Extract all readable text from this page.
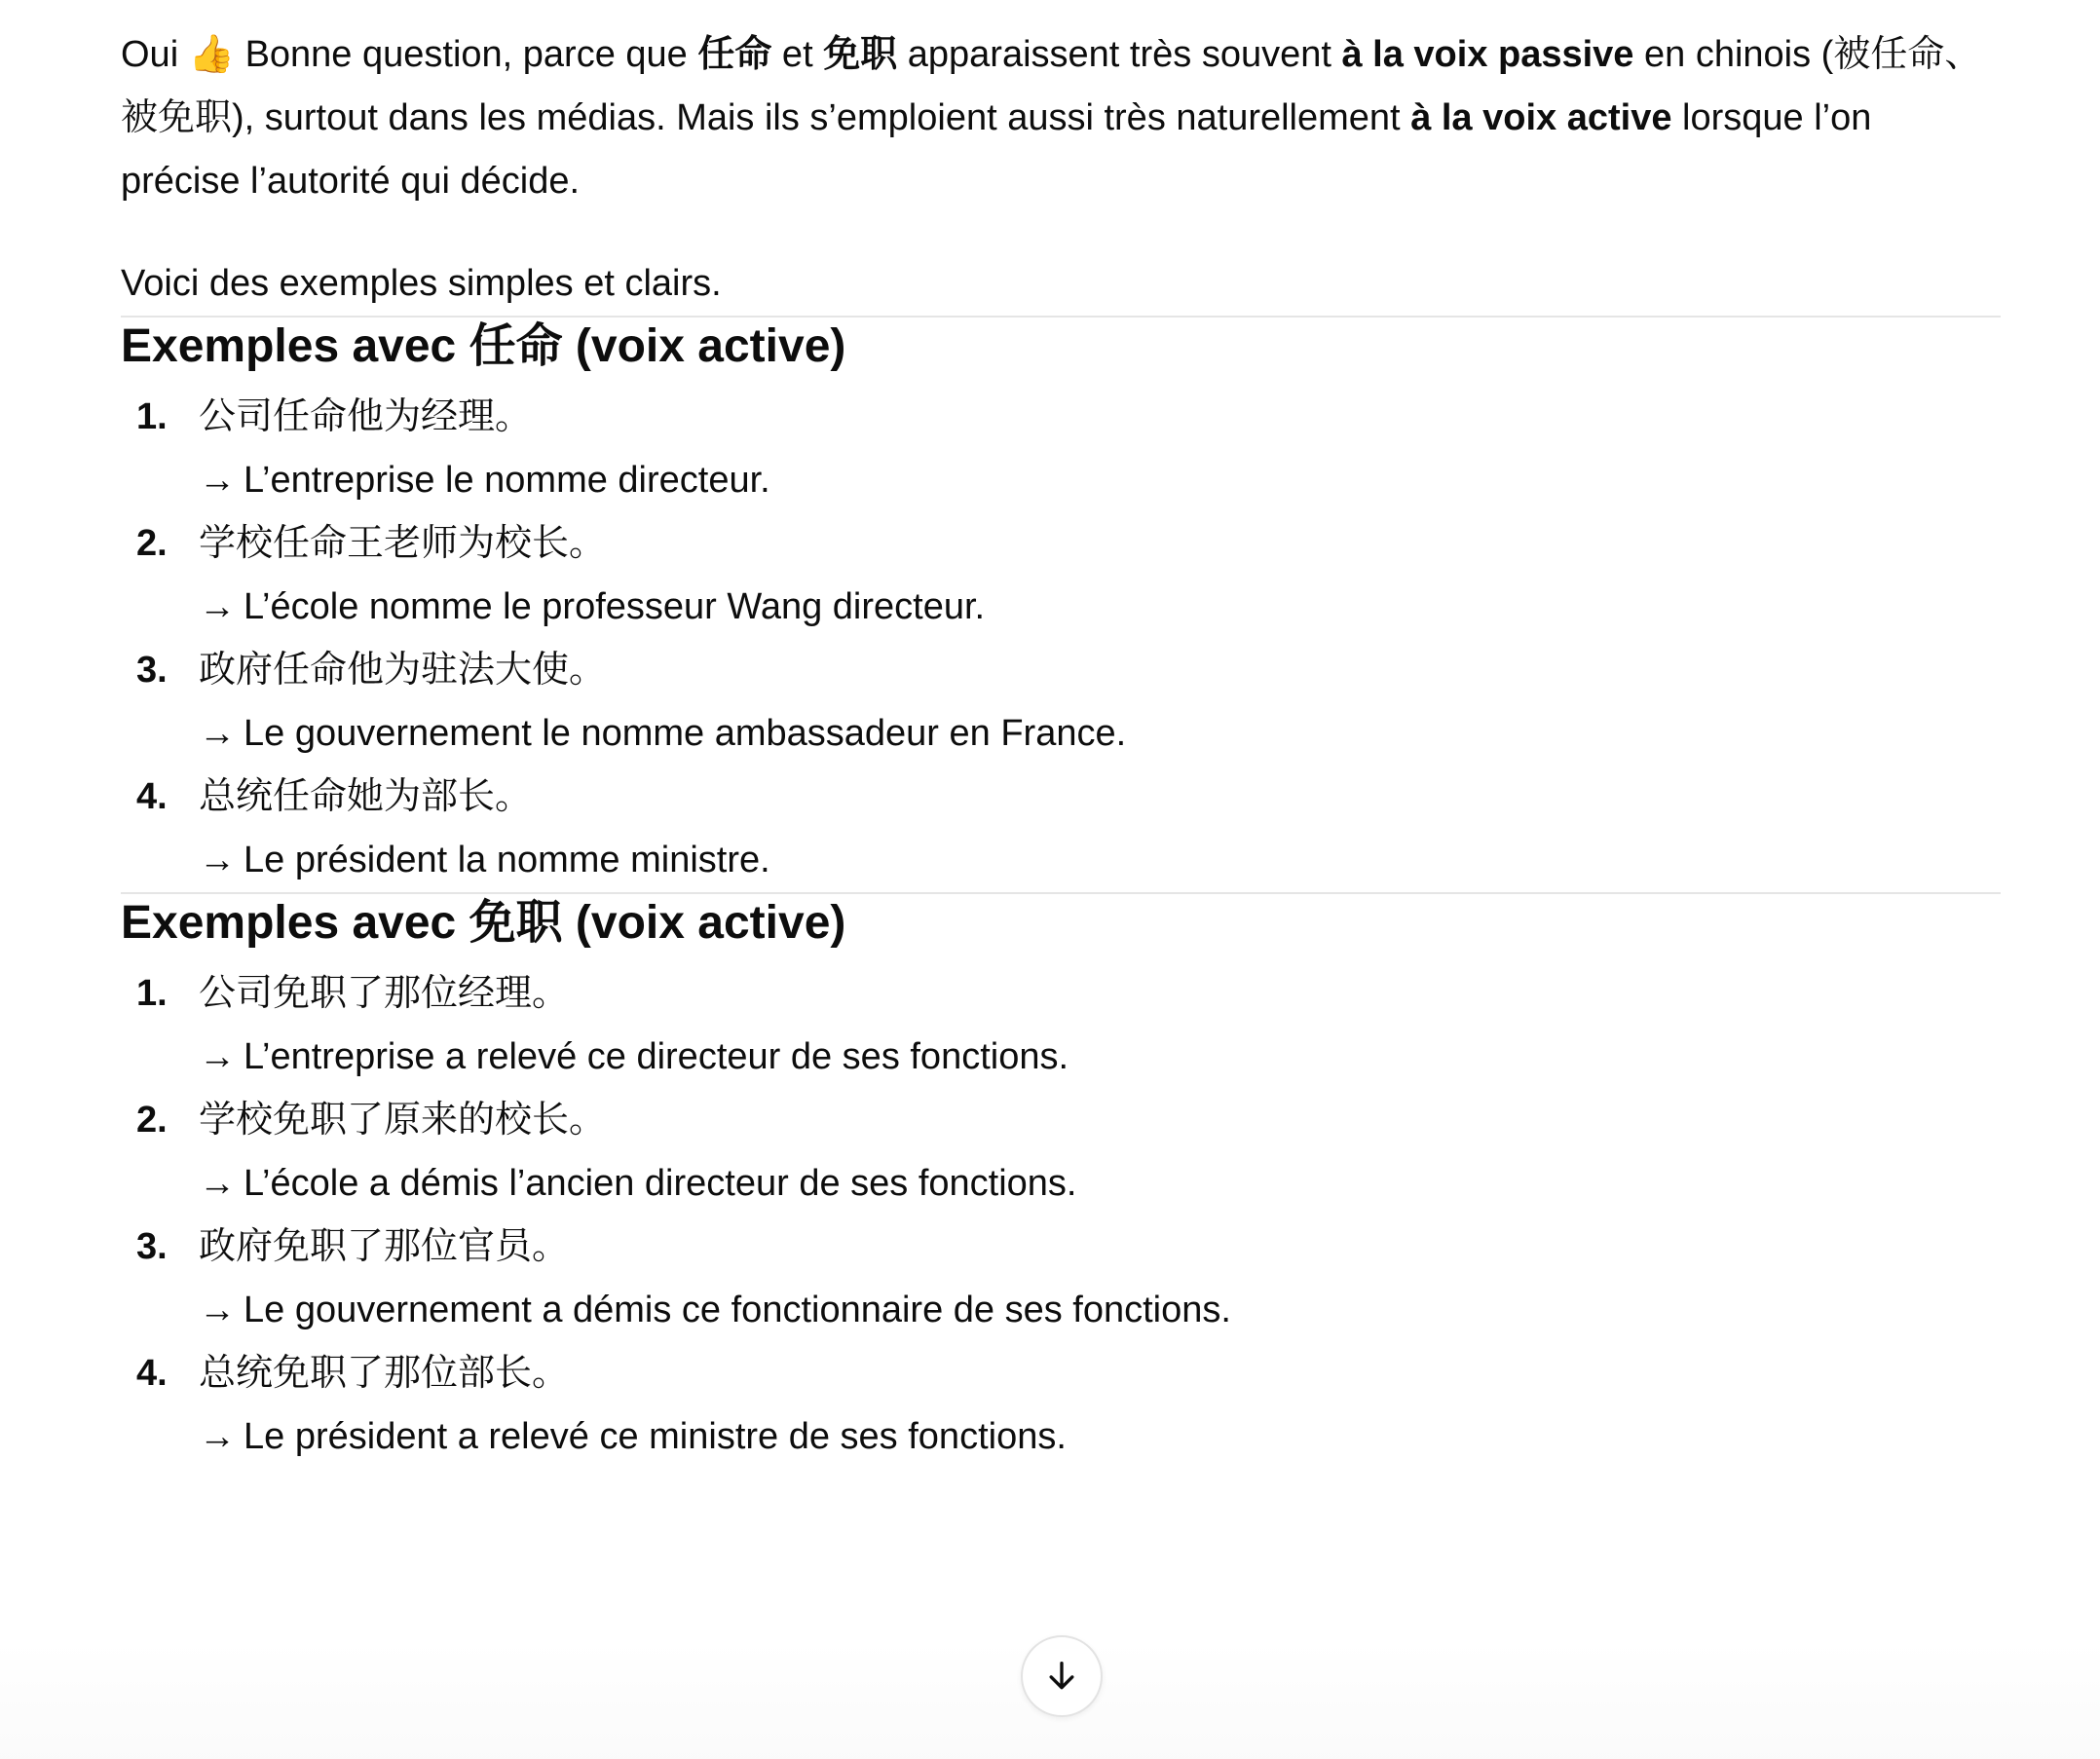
Oui 👍 Bonne question, parce que 任命 et 免职 apparaissent très souvent à la voix passive en chinois (被任命、被免职), surtout dans les médias. Mais ils s’emploient aussi très naturellement à la voix active lorsque l’on précise l’autorité qui décide.

Voici des exemples simples et clairs.

Exemples avec 任命 (voix active)
1. 公司任命他为经理。
→ L’entreprise le nomme directeur.
2. 学校任命王老师为校长。
→ L’école nomme le professeur Wang directeur.
3. 政府任命他为驻法大使。
→ Le gouvernement le nomme ambassadeur en France.
4. 总统任命她为部长。
→ Le président la nomme ministre.
Exemples avec 免职 (voix active)
1. 公司免职了那位经理。
→ L’entreprise a relevé ce directeur de ses fonctions.
2. 学校免职了原来的校长。
→ L’école a démis l’ancien directeur de ses fonctions.
3. 政府免职了那位官员。
→ Le gouvernement a démis ce fonctionnaire de ses fonctions.
4. 总统免职了那位部长。
→ Le président a relevé ce ministre de ses fonctions.
